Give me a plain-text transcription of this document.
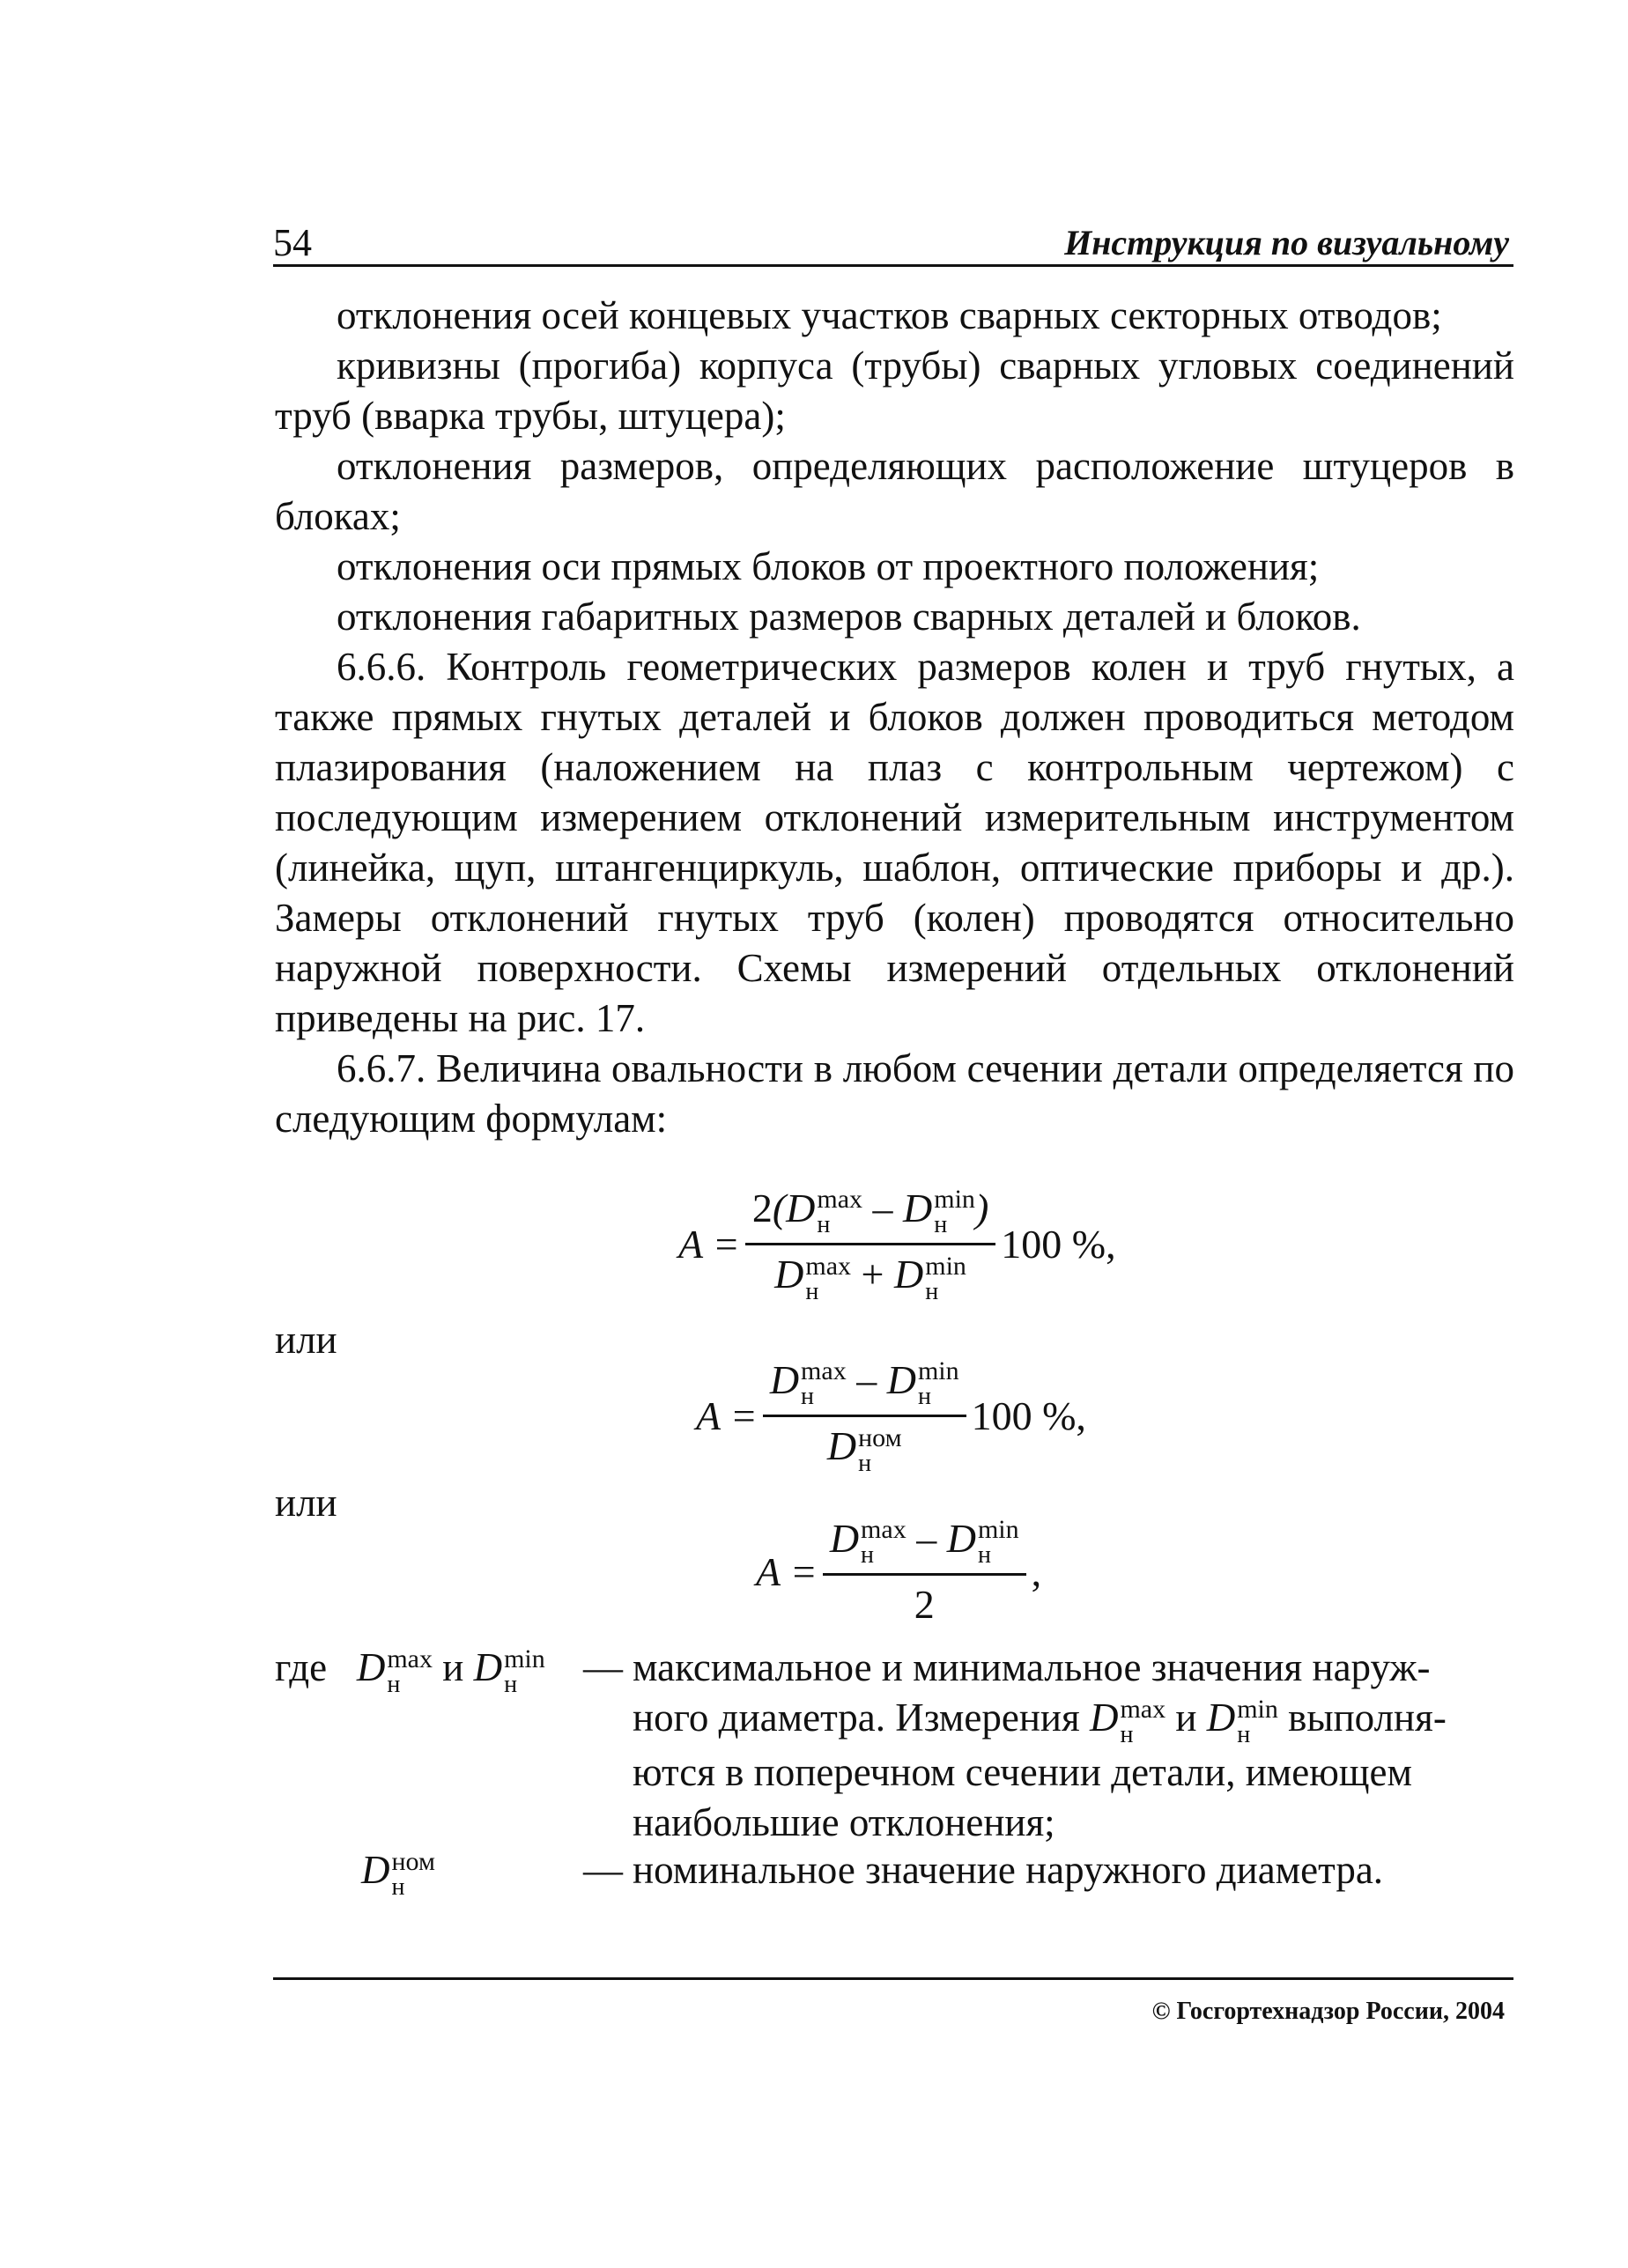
54	Инструкция по визуальному

отклонения осей концевых участков сварных секторных отводов;

кривизны (прогиба) корпуса (трубы) сварных угловых соединений труб (вварка трубы, штуцера);

отклонения размеров, определяющих расположение штуцеров в блоках;

отклонения оси прямых блоков от проектного положения;

отклонения габаритных размеров сварных деталей и блоков.

6.6.6. Контроль геометрических размеров колен и труб гнутых, а также прямых гнутых деталей и блоков должен проводиться методом плазирования (наложением на плаз с контрольным чертежом) с последующим измерением отклонений измерительным инструментом (линейка, щуп, штангенциркуль, шаблон, оптические приборы и др.). Замеры отклонений гнутых труб (колен) проводятся относительно наружной поверхности. Схемы измерений отдельных отклонений приведены на рис. 17.

6.6.7. Величина овальности в любом сечении детали определяется по следующим формулам:

A = 2(D max
н	– D min
н )
D max
н	+ D min
н 100 %,
или
A = D max
н	– D min
н
D ном
н 100 %,
или
A = D max
н	– D min
н
2 ,
где D max
н	и D min
н	— максимальное и минимальное значения наруж-

ного диаметра. Измерения D max
н	и D min
н выполня-

ются в поперечном сечении детали, имеющем

наибольшие отклонения;

D ном
н	— номинальное значение наружного диаметра.

© Госгортехнадзор России, 2004
